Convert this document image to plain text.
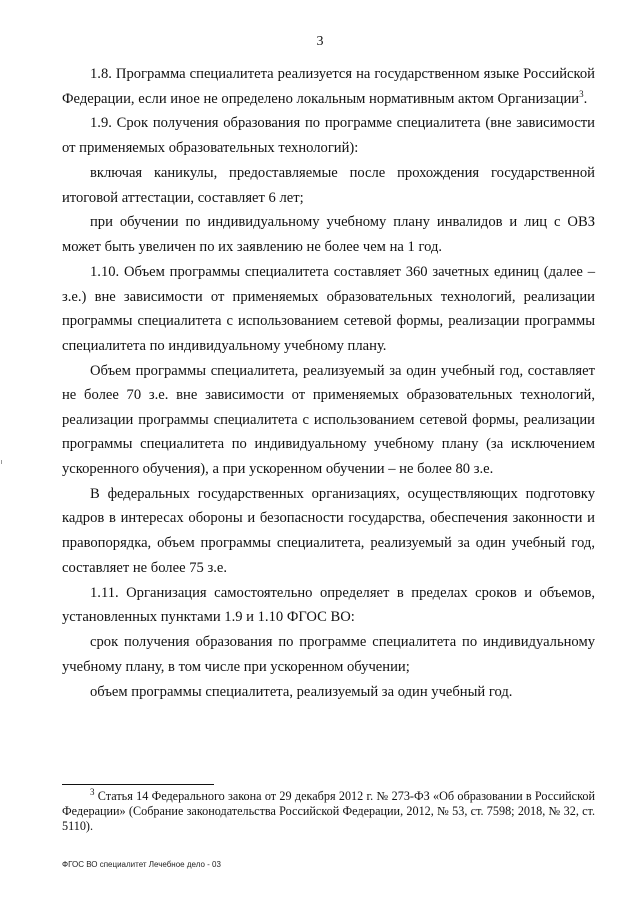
3

1.8. Программа специалитета реализуется на государственном языке Российской Федерации, если иное не определено локальным нормативным актом Организации$^3$.

1.9. Срок получения образования по программе специалитета (вне зависимости от применяемых образовательных технологий):

включая каникулы, предоставляемые после прохождения государственной итоговой аттестации, составляет 6 лет;

при обучении по индивидуальному учебному плану инвалидов и лиц с ОВЗ может быть увеличен по их заявлению не более чем на 1 год.

1.10. Объем программы специалитета составляет 360 зачетных единиц (далее – з.е.) вне зависимости от применяемых образовательных технологий, реализации программы специалитета с использованием сетевой формы, реализации программы специалитета по индивидуальному учебному плану.

Объем программы специалитета, реализуемый за один учебный год, составляет не более 70 з.е. вне зависимости от применяемых образовательных технологий, реализации программы специалитета с использованием сетевой формы, реализации программы специалитета по индивидуальному учебному плану (за исключением ускоренного обучения), а при ускоренном обучении – не более 80 з.е.

В федеральных государственных организациях, осуществляющих подготовку кадров в интересах обороны и безопасности государства, обеспечения законности и правопорядка, объем программы специалитета, реализуемый за один учебный год, составляет не более 75 з.е.

1.11. Организация самостоятельно определяет в пределах сроков и объемов, установленных пунктами 1.9 и 1.10 ФГОС ВО:

срок получения образования по программе специалитета по индивидуальному учебному плану, в том числе при ускоренном обучении;

объем программы специалитета, реализуемый за один учебный год.

$^3$ Статья 14 Федерального закона от 29 декабря 2012 г. № 273-ФЗ «Об образовании в Российской Федерации» (Собрание законодательства Российской Федерации, 2012, № 53, ст. 7598; 2018, № 32, ст. 5110).
ФГОС ВО специалитет Лечебное дело - 03
